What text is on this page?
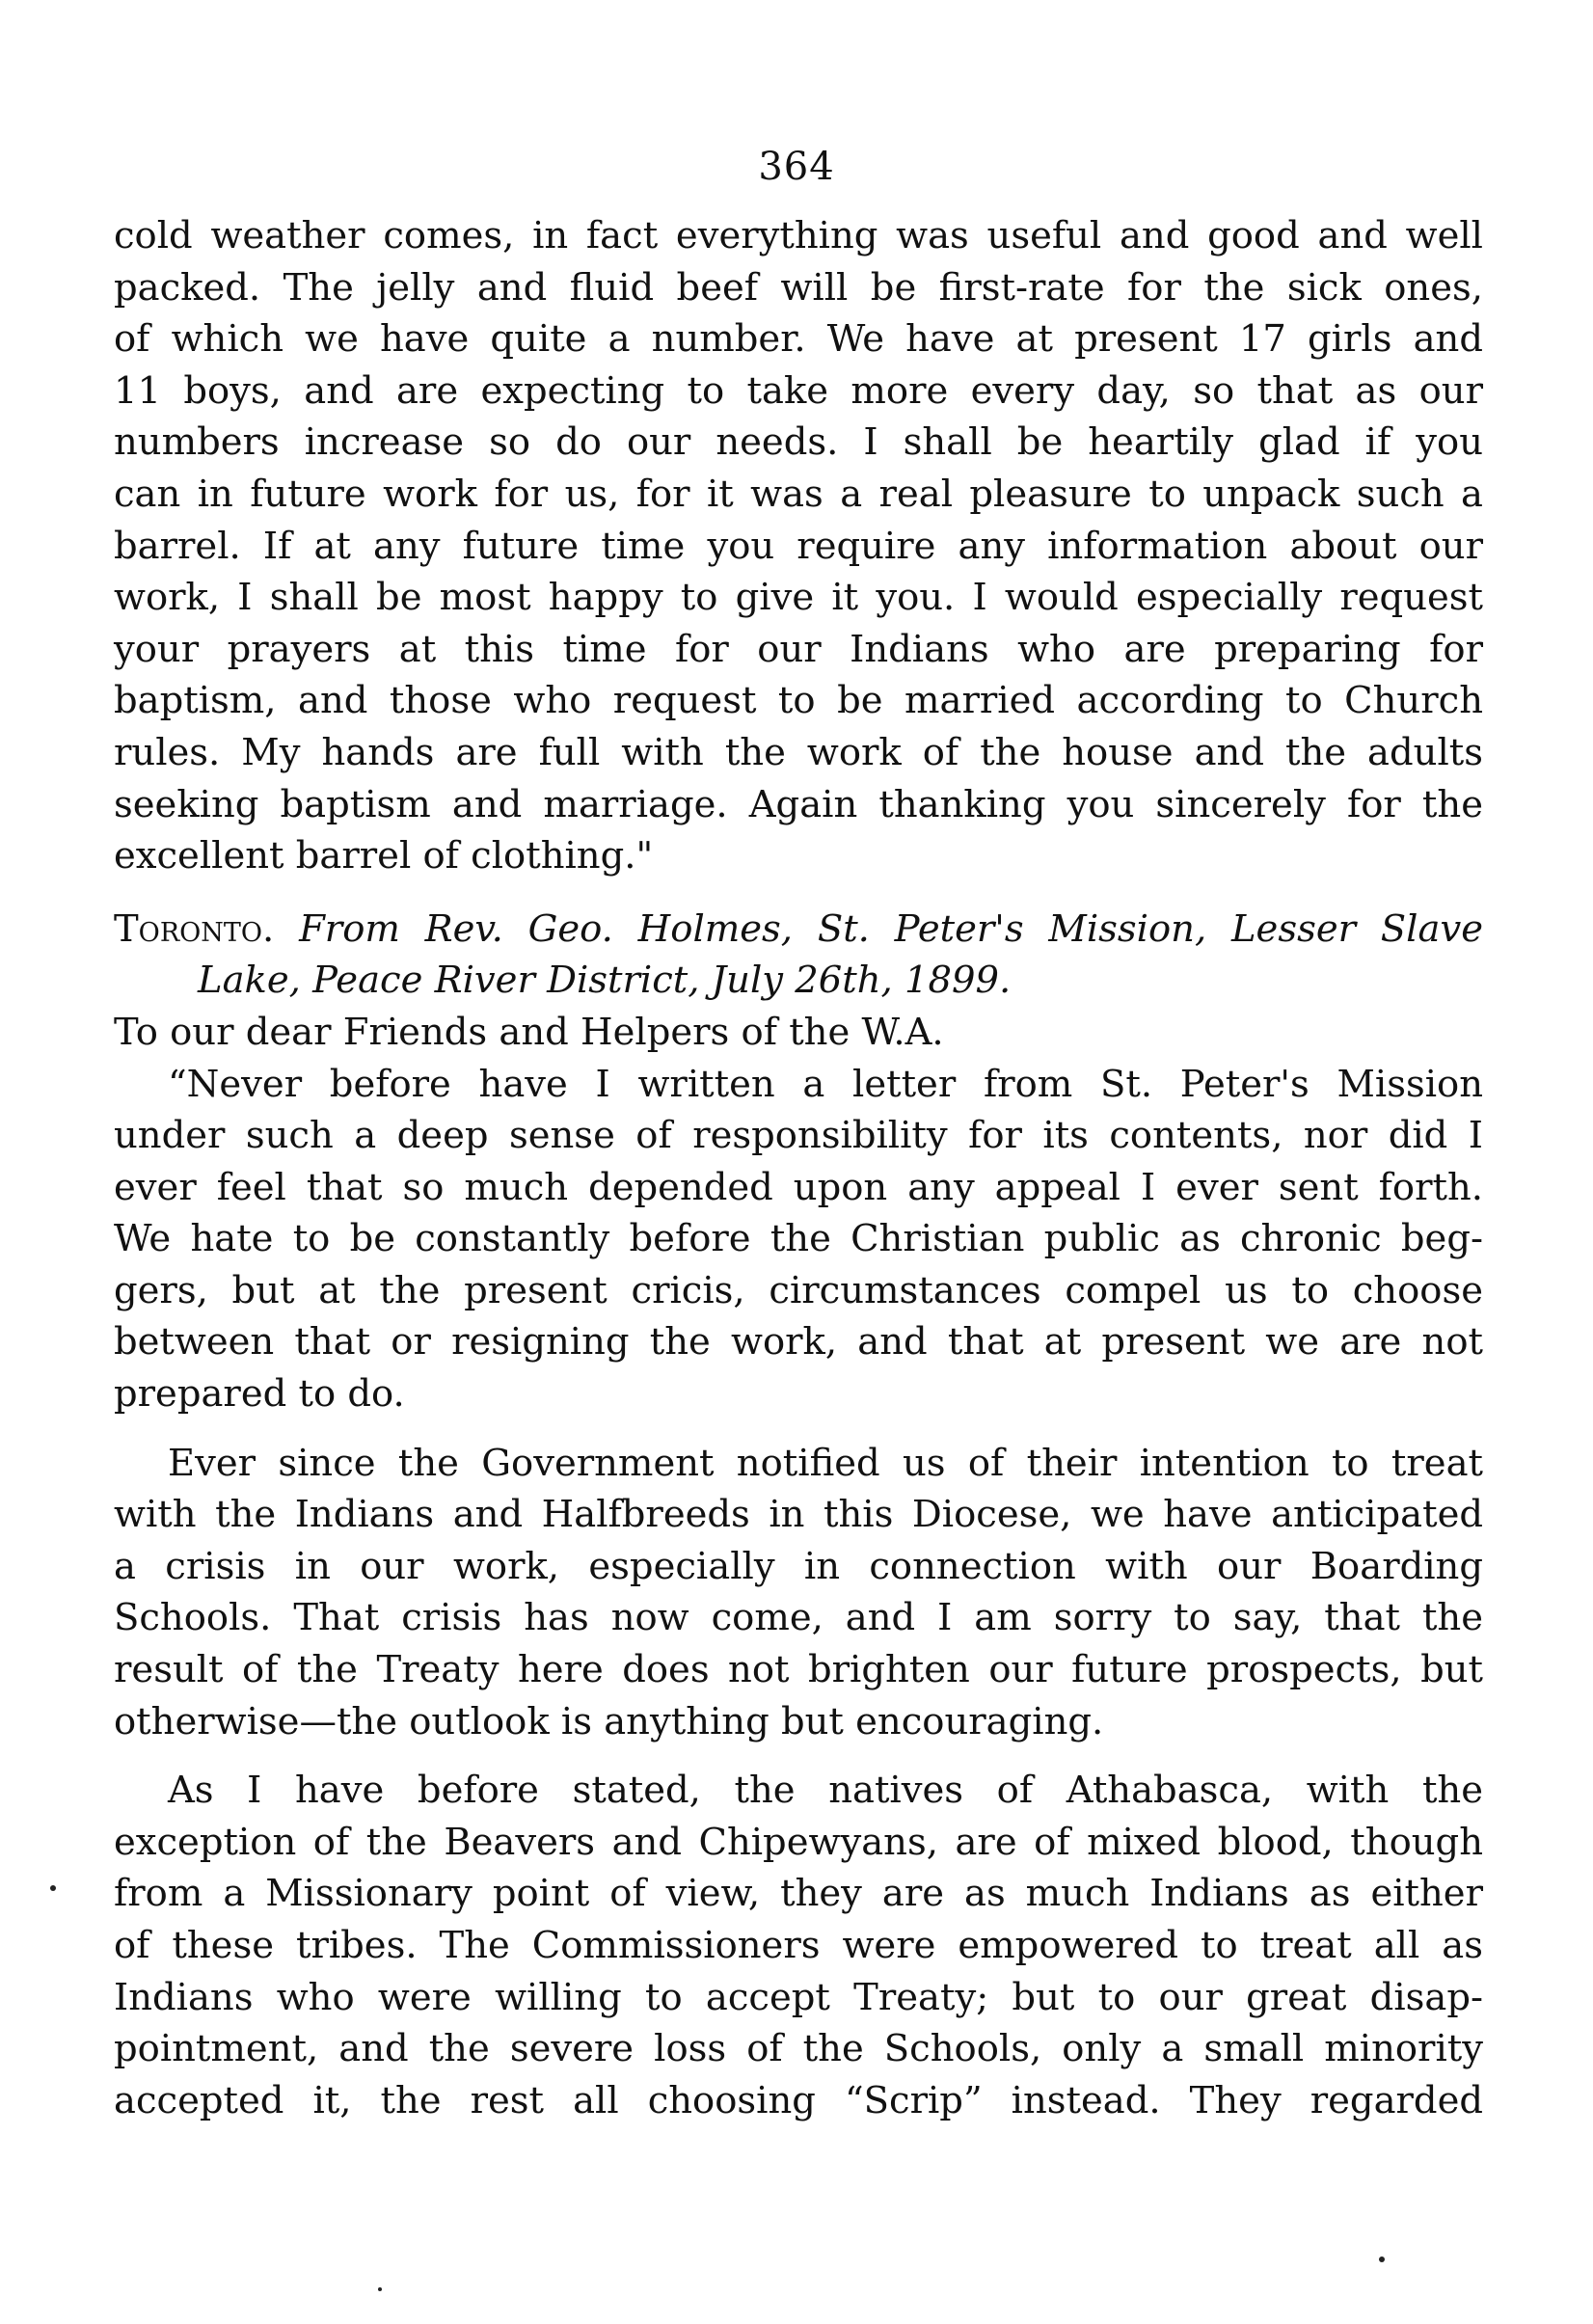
364
cold weather comes, in fact everything was useful and good and well
packed. The jelly and fluid beef will be first-rate for the sick ones,
of which we have quite a number. We have at present 17 girls and
11 boys, and are expecting to take more every day, so that as our
numbers increase so do our needs. I shall be heartily glad if you
can in future work for us, for it was a real pleasure to unpack such a
barrel. If at any future time you require any information about our
work, I shall be most happy to give it you. I would especially request
your prayers at this time for our Indians who are preparing for
baptism, and those who request to be married according to Church
rules. My hands are full with the work of the house and the adults
seeking baptism and marriage. Again thanking you sincerely for the
excellent barrel of clothing."
Toronto. From Rev. Geo. Holmes, St. Peter's Mission, Lesser Slave
Lake, Peace River District, July 26th, 1899.
To our dear Friends and Helpers of the W.A.
“Never before have I written a letter from St. Peter's Mission
under such a deep sense of responsibility for its contents, nor did I
ever feel that so much depended upon any appeal I ever sent forth.
We hate to be constantly before the Christian public as chronic beg-
gers, but at the present cricis, circumstances compel us to choose
between that or resigning the work, and that at present we are not
prepared to do.
Ever since the Government notified us of their intention to treat
with the Indians and Halfbreeds in this Diocese, we have anticipated
a crisis in our work, especially in connection with our Boarding
Schools. That crisis has now come, and I am sorry to say, that the
result of the Treaty here does not brighten our future prospects, but
otherwise—the outlook is anything but encouraging.
As I have before stated, the natives of Athabasca, with the
exception of the Beavers and Chipewyans, are of mixed blood, though
from a Missionary point of view, they are as much Indians as either
of these tribes. The Commissioners were empowered to treat all as
Indians who were willing to accept Treaty; but to our great disap-
pointment, and the severe loss of the Schools, only a small minority
accepted it, the rest all choosing “Scrip” instead. They regarded
